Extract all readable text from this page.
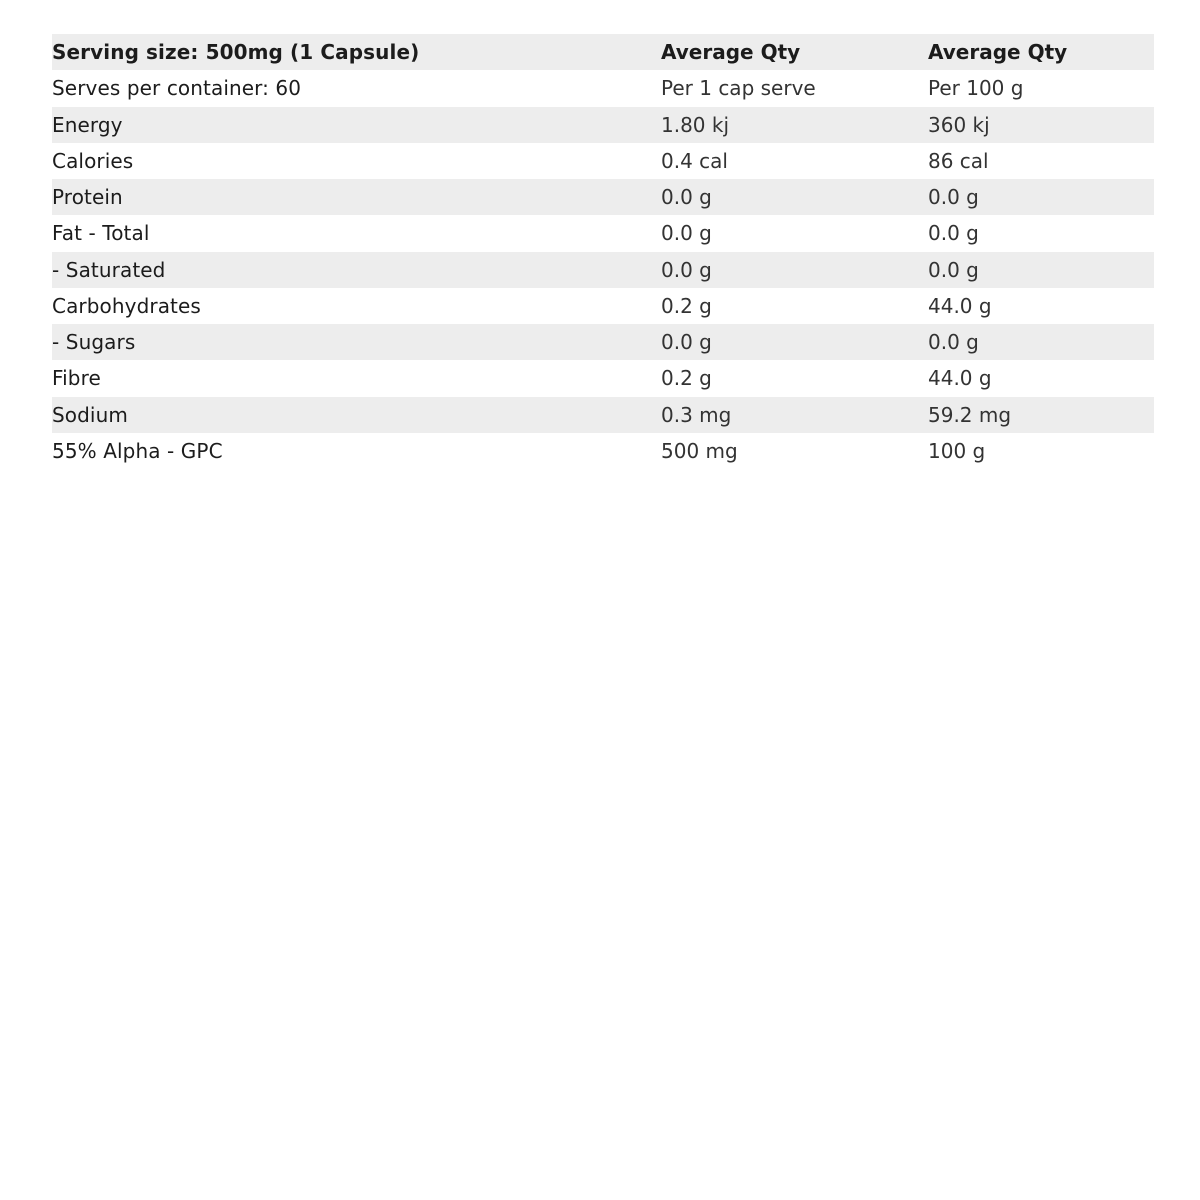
Serving size: 500mg (1 Capsule)	Average Qty	Average Qty
Serves per container: 60	Per 1 cap serve	Per 100 g
Energy	1.80 kj	360 kj
Calories	0.4 cal	86 cal
Protein	0.0 g	0.0 g
Fat - Total	0.0 g	0.0 g
- Saturated	0.0 g	0.0 g
Carbohydrates	0.2 g	44.0 g
- Sugars	0.0 g	0.0 g
Fibre	0.2 g	44.0 g
Sodium	0.3 mg	59.2 mg
55% Alpha - GPC	500 mg	100 g
